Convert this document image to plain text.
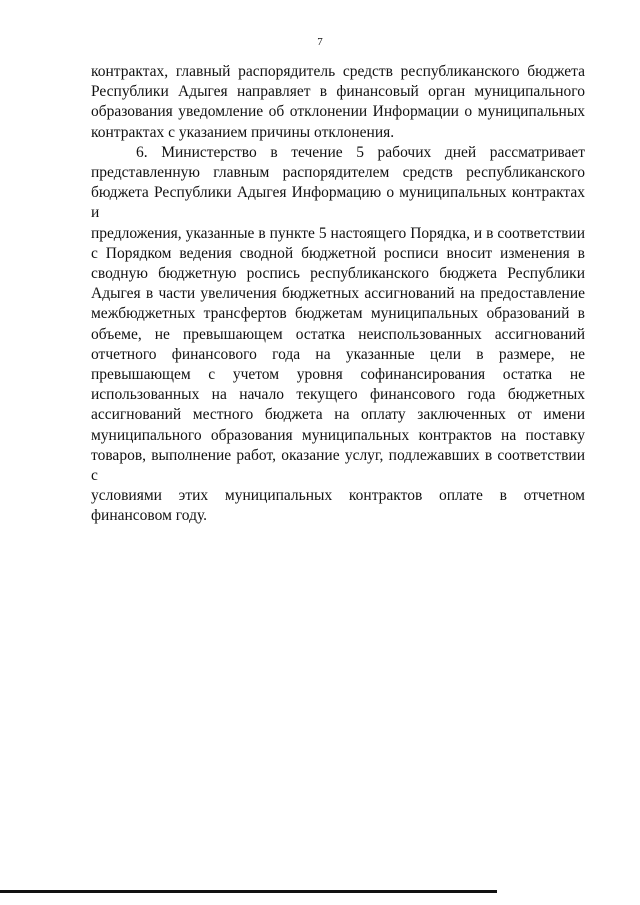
7
контрактах, главный распорядитель средств республиканского бюджета
Республики Адыгея направляет в финансовый орган муниципального
образования уведомление об отклонении Информации о муниципальных
контрактах с указанием причины отклонения.
6. Министерство в течение 5 рабочих дней рассматривает
представленную главным распорядителем средств республиканского
бюджета Республики Адыгея Информацию о муниципальных контрактах и
предложения, указанные в пункте 5 настоящего Порядка, и в соответствии
с Порядком ведения сводной бюджетной росписи вносит изменения в
сводную бюджетную роспись республиканского бюджета Республики
Адыгея в части увеличения бюджетных ассигнований на предоставление
межбюджетных трансфертов бюджетам муниципальных образований в
объеме, не превышающем остатка неиспользованных ассигнований
отчетного финансового года на указанные цели в размере, не
превышающем с учетом уровня софинансирования остатка не
использованных на начало текущего финансового года бюджетных
ассигнований местного бюджета на оплату заключенных от имени
муниципального образования муниципальных контрактов на поставку
товаров, выполнение работ, оказание услуг, подлежавших в соответствии с
условиями этих муниципальных контрактов оплате в отчетном
финансовом году.
